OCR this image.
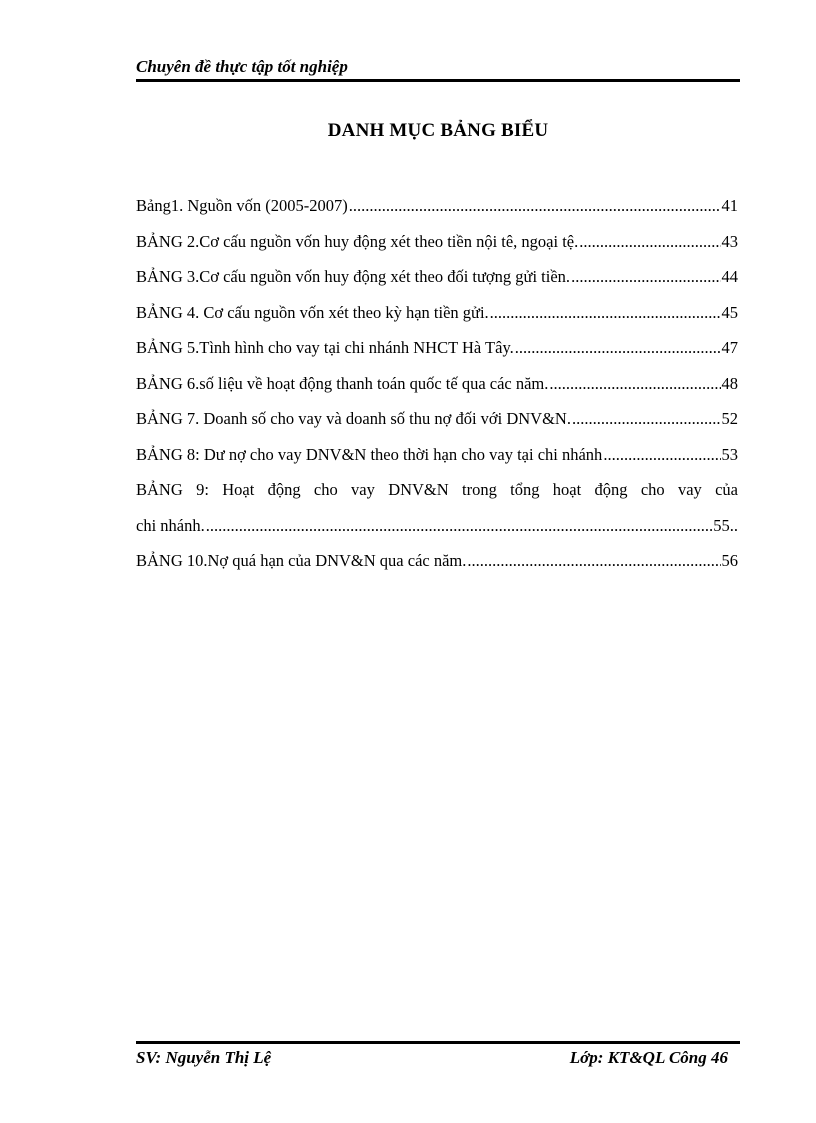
Chuyên đề thực tập tốt nghiệp
DANH MỤC BẢNG BIỂU
Bảng1. Nguồn vốn (2005-2007) .....	41
BẢNG 2.Cơ cấu nguồn vốn huy động xét theo tiền nội tê, ngoại tệ. .....	43
BẢNG 3.Cơ cấu nguồn vốn huy động xét theo đối tượng gửi tiền. .....	44
BẢNG 4. Cơ cấu nguồn vốn xét theo kỳ hạn tiền gửi. .....	45
BẢNG 5.Tình hình cho vay tại chi nhánh NHCT Hà Tây. .....	47
BẢNG 6.số liệu về hoạt động thanh toán quốc tế qua các năm. .....	48
BẢNG 7. Doanh số cho vay và doanh số thu nợ đối với DNV&N. .....	52
BẢNG 8: Dư nợ cho vay DNV&N theo thời hạn cho vay tại chi nhánh .....	53
BẢNG 9: Hoạt động cho vay DNV&N trong tổng hoạt động cho vay của
chi nhánh. .....	55..
BẢNG 10.Nợ quá hạn của DNV&N qua các năm. .....	56
SV: Nguyễn Thị Lệ	Lớp: KT&QL Công 46
